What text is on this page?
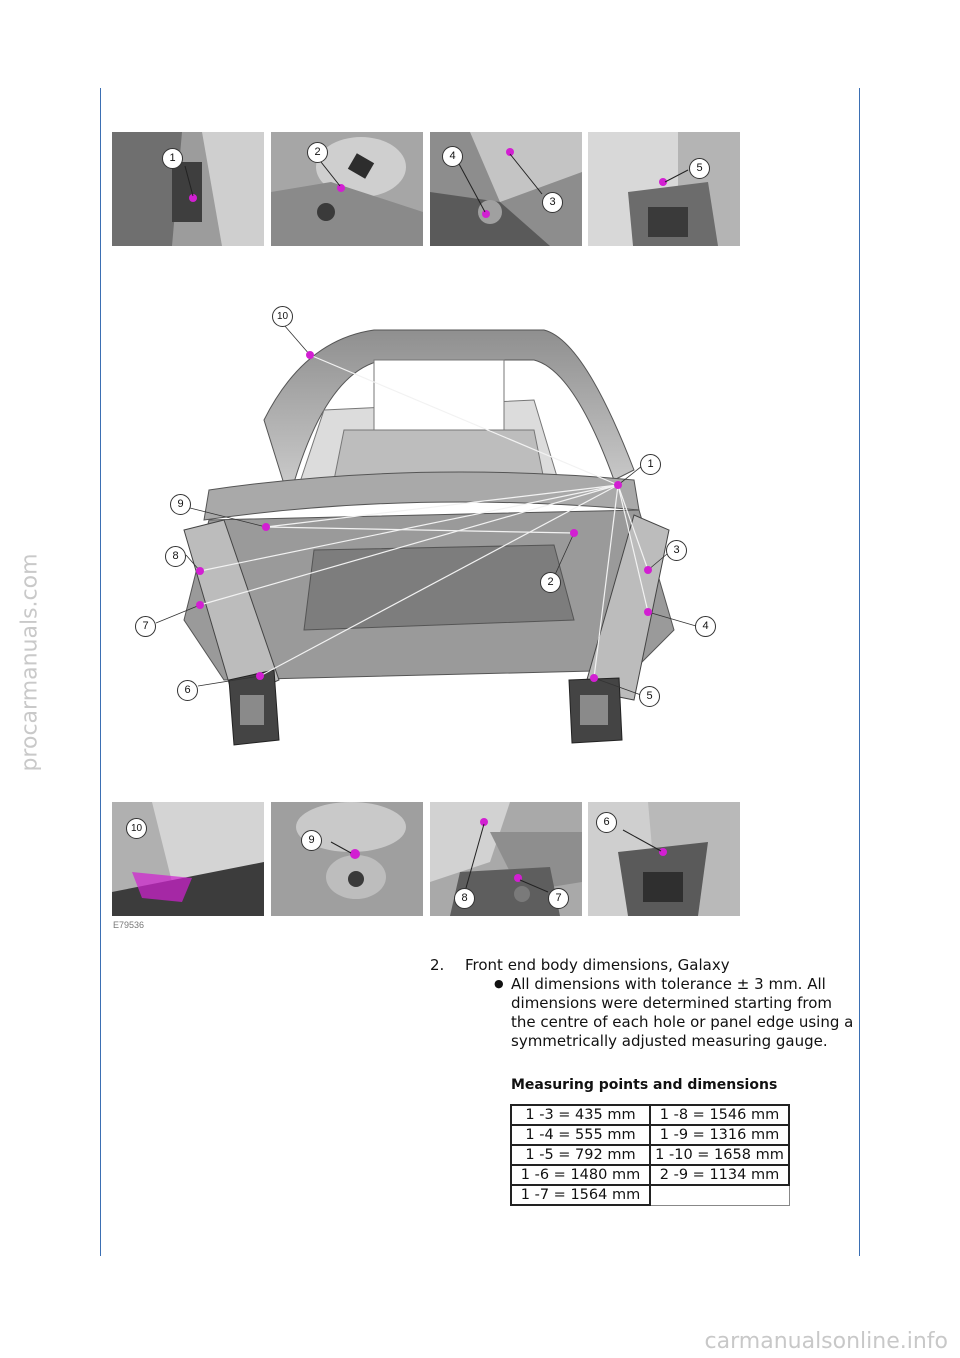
procarmanuals.com
carmanualsonline.info
1	2	4
3
5
10
1
9
8
7
6
2
3
4
5
10
9
8	7
6
E79536
2. Front end body dimensions, Galaxy
● All dimensions with tolerance ± 3 mm. All dimensions were determined starting from the centre of each hole or panel edge using a symmetrically adjusted measuring gauge.
Measuring points and dimensions
1 -3 = 435 mm	1 -8 = 1546 mm
1 -4 = 555 mm	1 -9 = 1316 mm
1 -5 = 792 mm	1 -10 = 1658 mm
1 -6 = 1480 mm	2 -9 = 1134 mm
1 -7 = 1564 mm	
